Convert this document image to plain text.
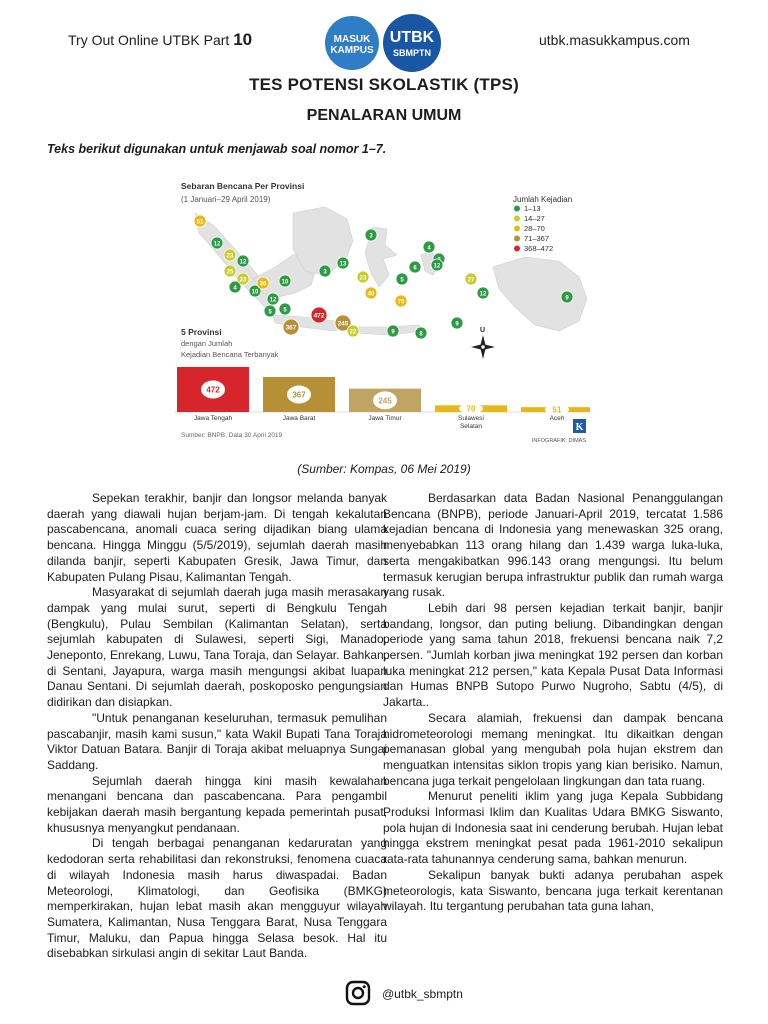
Try Out Online UTBK Part 10	MASUK
KAMPUS
UTBK
SBMPTN
utbk.masukkampus.com
TES POTENSI SKOLASTIK (TPS)
PENALARAN UMUM
Teks berikut digunakan untuk menjawab soal nomor 1–7.
Sebaran Bencana Per Provinsi
(1 Januari–29 April 2019)	Jumlah Kejadian
1–13
14–27
28–70
71–367
368–472
51
12
23
12
25
23
10
36
4
5
12
5
367
472
245
10
13
3
23
40
6
4
5
70
12
9
9
12
27
22	9	8
3
5 Provinsi
dengan Jumlah
Kejadian Bencana Terbanyak
U
472
Jawa Tengah
367
Jawa Barat
245
Jawa Timur
70
Sulawesi
Selatan
51
Aceh
Sumber: BNPB, Data 30 April 2019
K
INFOGRAFIK: DIMAS
(Sumber: Kompas, 06 Mei 2019)

Sepekan terakhir, banjir dan longsor melanda banyak daerah yang diawali hujan berjam-jam. Di tengah kekalutan pascabencana, anomali cuaca sering dijadikan biang ulama bencana. Hingga Minggu (5/5/2019), sejumlah daerah masih dilanda banjir, seperti Kabupaten Gresik, Jawa Timur, dan Kabupaten Pulang Pisau, Kalimantan Tengah.

Masyarakat di sejumlah daerah juga masih merasakan dampak yang mulai surut, seperti di Bengkulu Tengah (Bengkulu), Pulau Sembilan (Kalimantan Selatan), serta sejumlah kabupaten di Sulawesi, seperti Sigi, Manado, Jeneponto, Enrekang, Luwu, Tana Toraja, dan Selayar. Bahkan, di Sentani, Jayapura, warga masih mengungsi akibat luapan Danau Sentani. Di sejumlah daerah, poskoposko pengungsian didirikan dan disiapkan.

"Untuk penanganan keseluruhan, termasuk pemulihan pascabanjir, masih kami susun," kata Wakil Bupati Tana Toraja Viktor Datuan Batara. Banjir di Toraja akibat meluapnya Sungai Saddang.

Sejumlah daerah hingga kini masih kewalahan menangani bencana dan pascabencana. Para pengambil kebijakan daerah masih bergantung kepada pemerintah pusat, khususnya menyangkut pendanaan.

Di tengah berbagai penanganan kedaruratan yang kedodoran serta rehabilitasi dan rekonstruksi, fenomena cuaca di wilayah Indonesia masih harus diwaspadai. Badan Meteorologi, Klimatologi, dan Geofisika (BMKG) memperkirakan, hujan lebat masih akan mengguyur wilayah Sumatera, Kalimantan, Nusa Tenggara Barat, Nusa Tenggara Timur, Maluku, dan Papua hingga Selasa besok. Hal itu disebabkan sirkulasi angin di sekitar Laut Banda.

Berdasarkan data Badan Nasional Penanggulangan Bencana (BNPB), periode Januari-April 2019, tercatat 1.586 kejadian bencana di Indonesia yang menewaskan 325 orang, menyebabkan 113 orang hilang dan 1.439 warga luka-luka, serta mengakibatkan 996.143 orang mengungsi. Itu belum termasuk kerugian berupa infrastruktur publik dan rumah warga yang rusak.

Lebih dari 98 persen kejadian terkait banjir, banjir bandang, longsor, dan puting beliung. Dibandingkan dengan periode yang sama tahun 2018, frekuensi bencana naik 7,2 persen. "Jumlah korban jiwa meningkat 192 persen dan korban luka meningkat 212 persen," kata Kepala Pusat Data Informasi dan Humas BNPB Sutopo Purwo Nugroho, Sabtu (4/5), di Jakarta..

Secara alamiah, frekuensi dan dampak bencana hidrometeorologi memang meningkat. Itu dikaitkan dengan pemanasan global yang mengubah pola hujan ekstrem dan menguatkan intensitas siklon tropis yang kian berisiko. Namun, bencana juga terkait pengelolaan lingkungan dan tata ruang.

Menurut peneliti iklim yang juga Kepala Subbidang Produksi Informasi Iklim dan Kualitas Udara BMKG Siswanto, pola hujan di Indonesia saat ini cenderung berubah. Hujan lebat hingga ekstrem meningkat pesat pada 1961-2010 sekalipun rata-rata tahunannya cenderung sama, bahkan menurun.

Sekalipun banyak bukti adanya perubahan aspek meteorologis, kata Siswanto, bencana juga terkait kerentanan wilayah. Itu tergantung perubahan tata guna lahan,

@utbk_sbmptn
